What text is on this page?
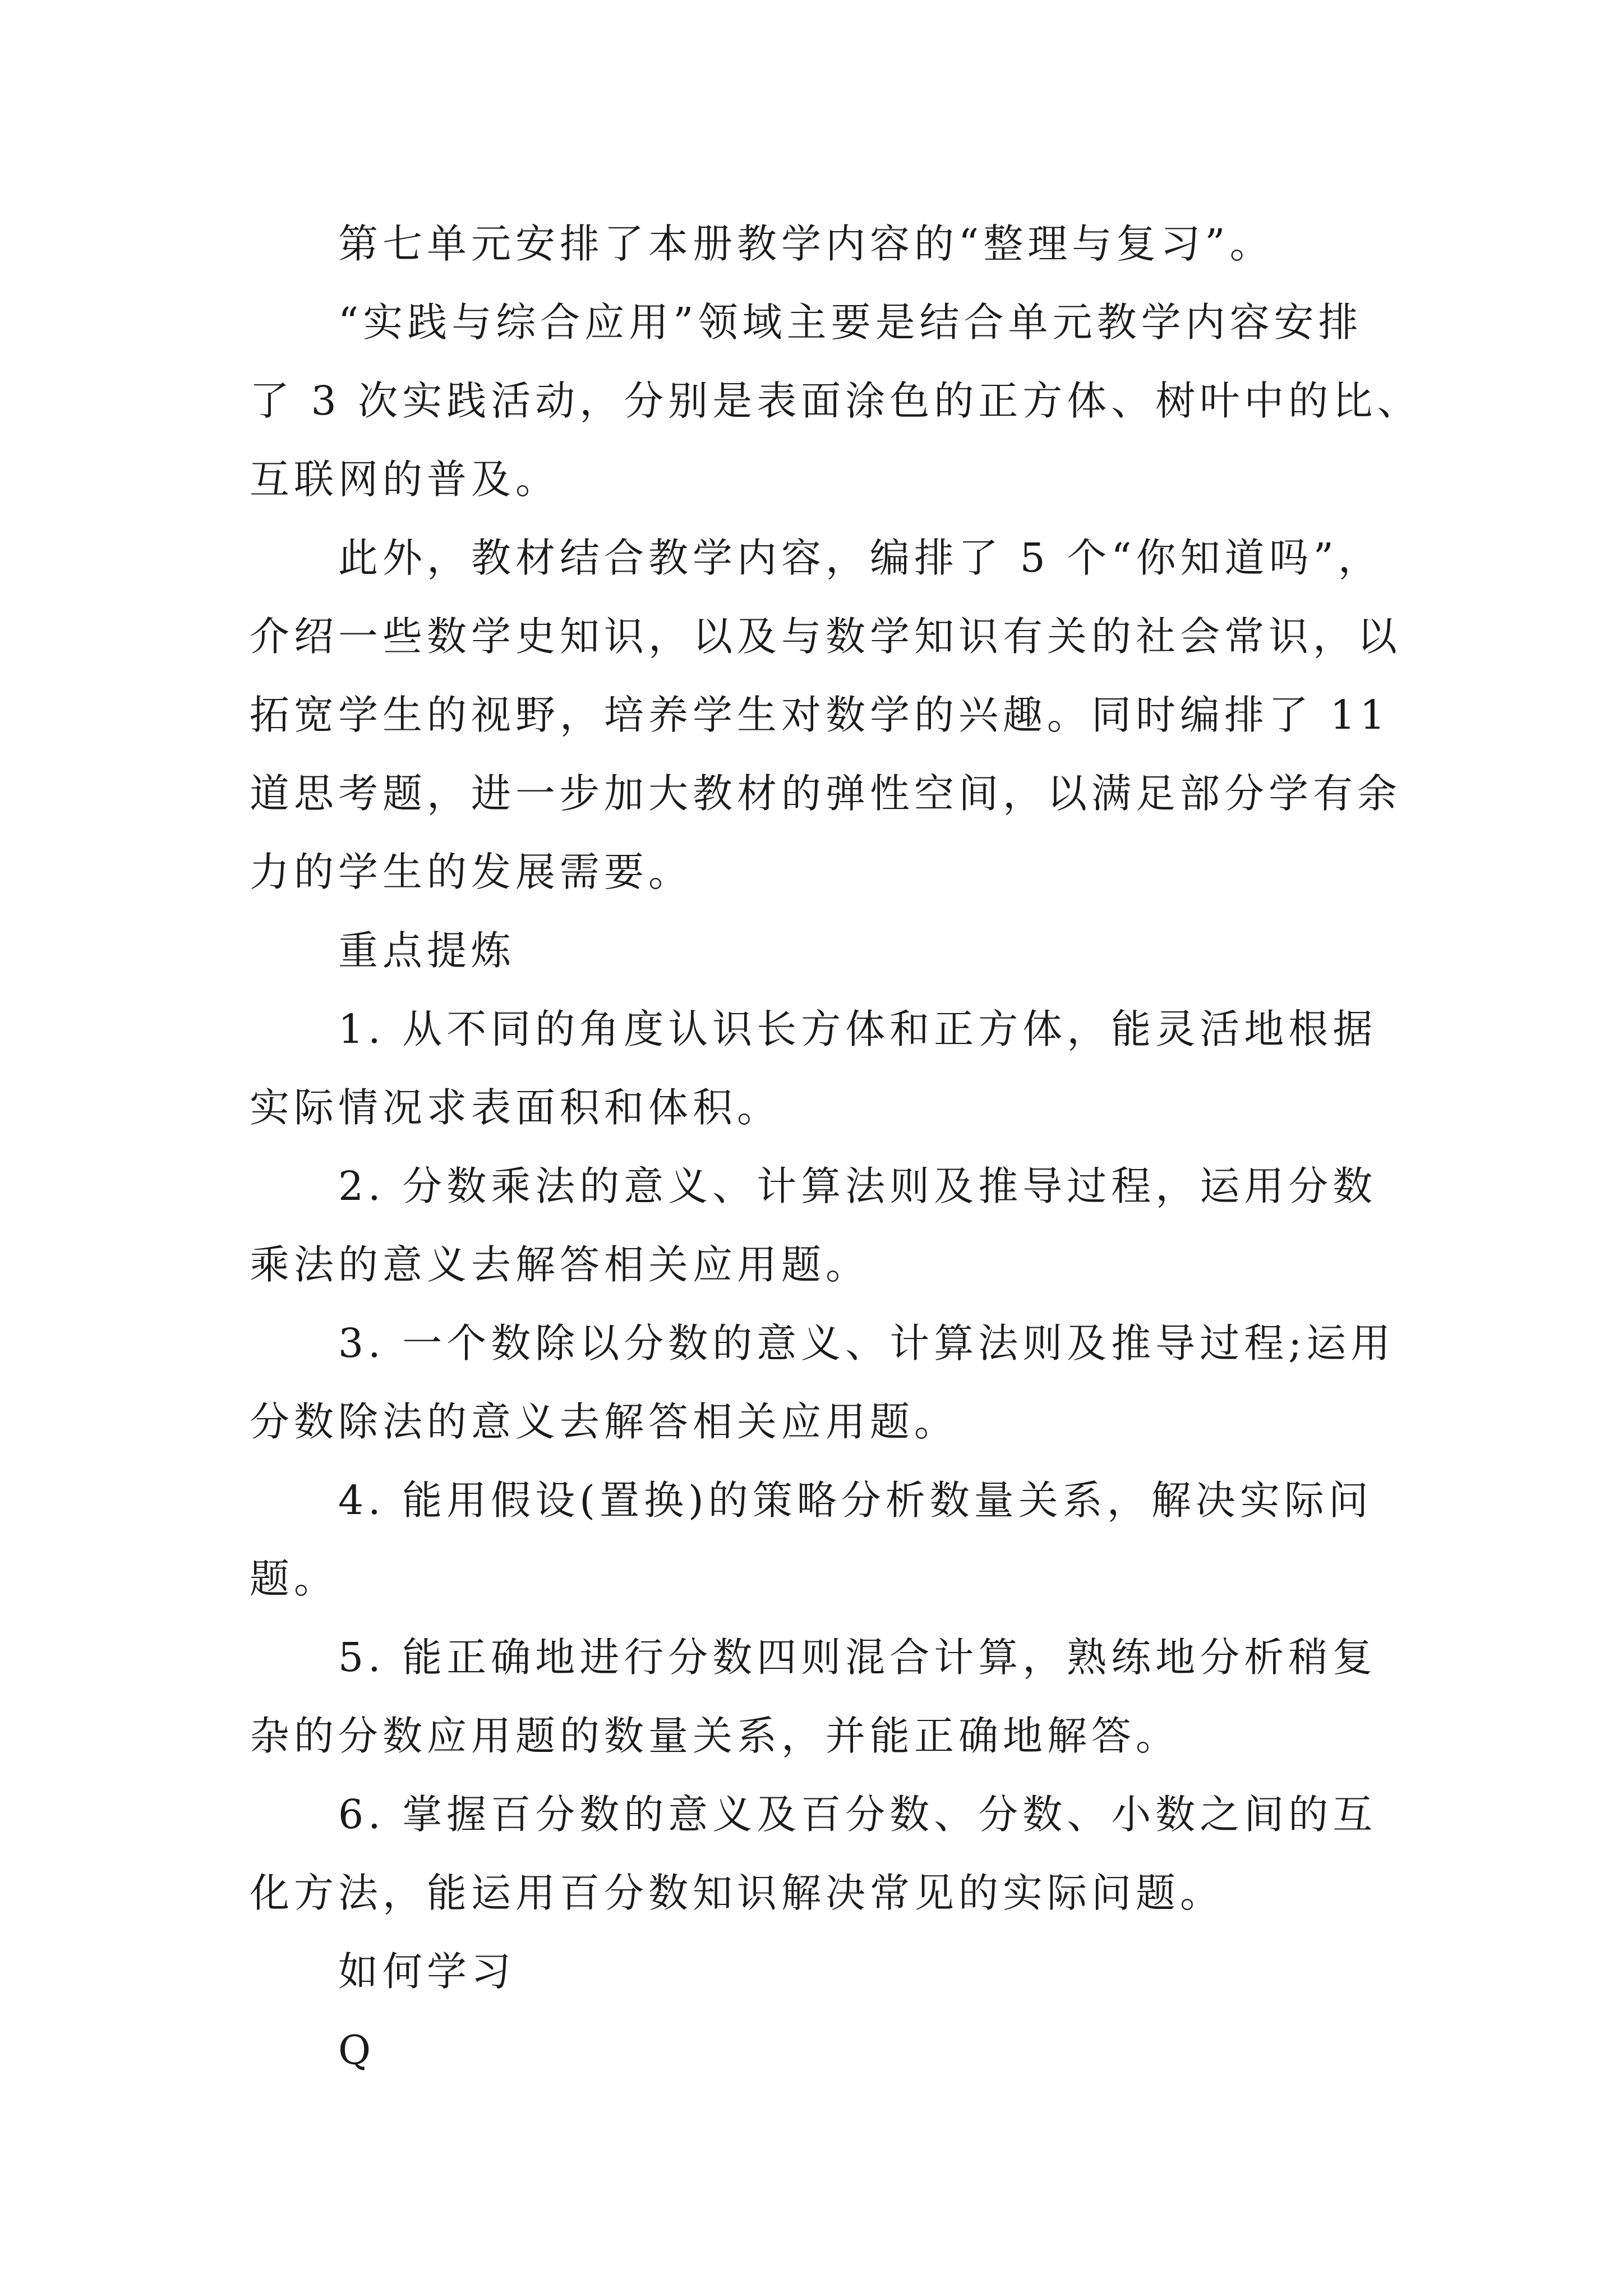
第七单元安排了本册教学内容的“整理与复习”。
“实践与综合应用”领域主要是结合单元教学内容安排
了 3 次实践活动，分别是表面涂色的正方体、树叶中的比、
互联网的普及。
此外，教材结合教学内容，编排了 5 个“你知道吗”，
介绍一些数学史知识，以及与数学知识有关的社会常识，以
拓宽学生的视野，培养学生对数学的兴趣。同时编排了 11
道思考题，进一步加大教材的弹性空间，以满足部分学有余
力的学生的发展需要。
重点提炼
1. 从不同的角度认识长方体和正方体，能灵活地根据
实际情况求表面积和体积。
2. 分数乘法的意义、计算法则及推导过程，运用分数
乘法的意义去解答相关应用题。
3. 一个数除以分数的意义、计算法则及推导过程;运用
分数除法的意义去解答相关应用题。
4. 能用假设(置换)的策略分析数量关系，解决实际问
题。
5. 能正确地进行分数四则混合计算，熟练地分析稍复
杂的分数应用题的数量关系，并能正确地解答。
6. 掌握百分数的意义及百分数、分数、小数之间的互
化方法，能运用百分数知识解决常见的实际问题。
如何学习
Q
